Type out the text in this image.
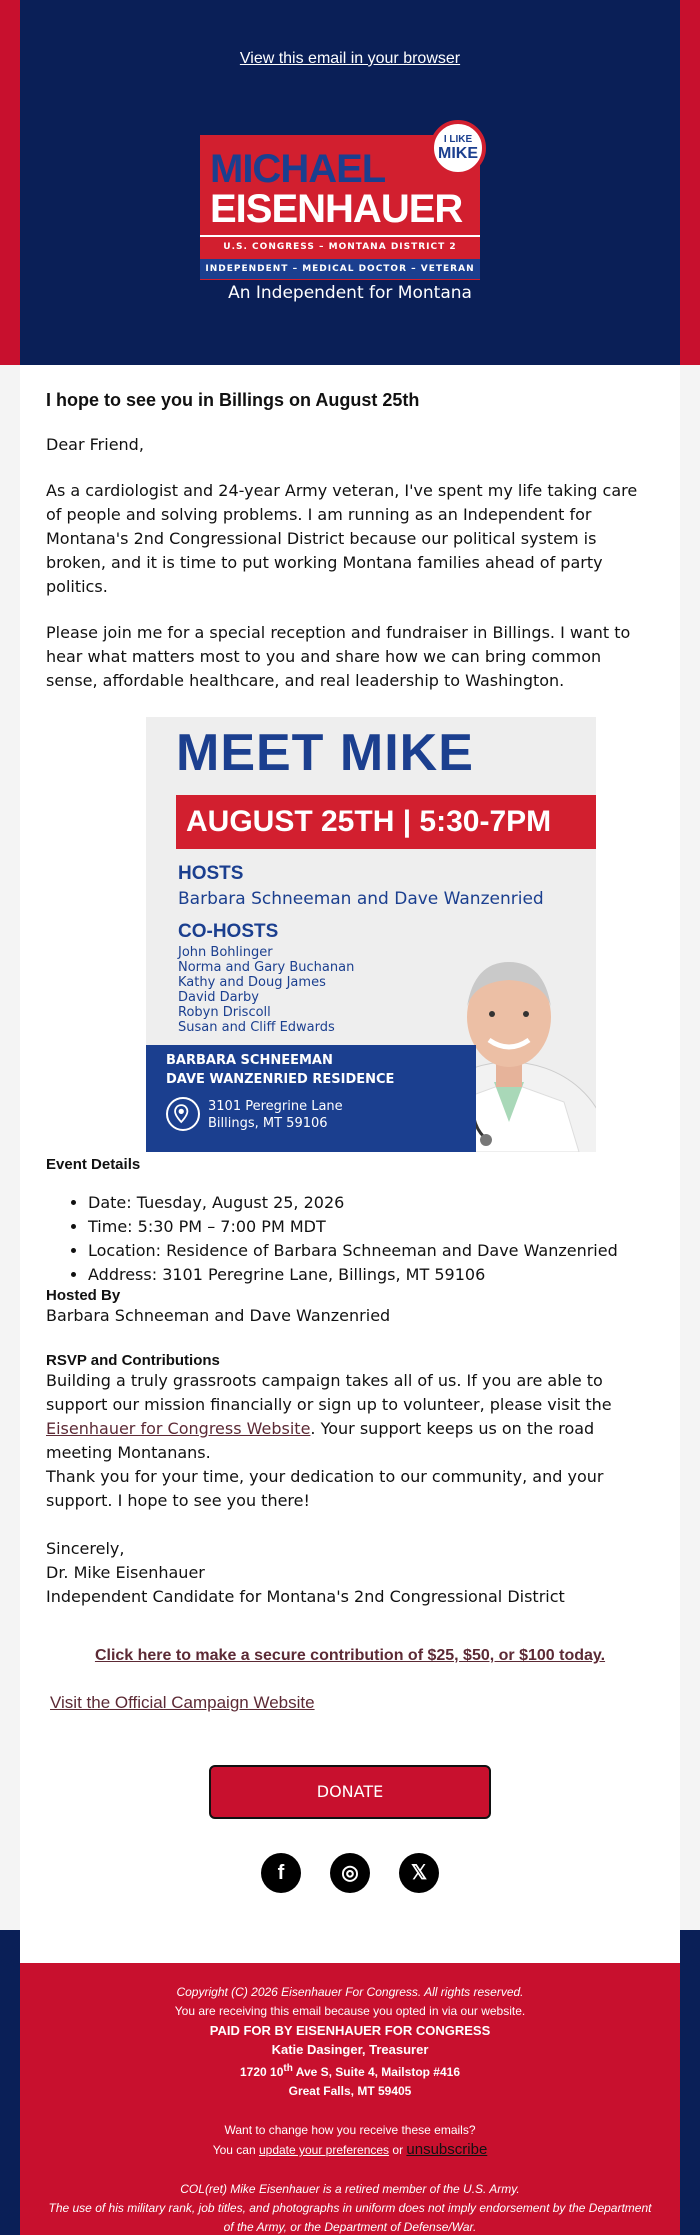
View this email in your browser
MICHAEL
EISENHAUER
U.S. CONGRESS – MONTANA DISTRICT 2
INDEPENDENT – MEDICAL DOCTOR – VETERAN
I LIKE
MIKE
An Independent for Montana
I hope to see you in Billings on August 25th

Dear Friend,

As a cardiologist and 24-year Army veteran, I've spent my life taking care of people and solving problems. I am running as an Independent for Montana's 2nd Congressional District because our political system is broken, and it is time to put working Montana families ahead of party politics.

Please join me for a special reception and fundraiser in Billings. I want to hear what matters most to you and share how we can bring common sense, affordable healthcare, and real leadership to Washington.

MEET MIKE
AUGUST 25TH | 5:30-7PM
HOSTS
Barbara Schneeman and Dave Wanzenried
CO-HOSTS
John Bohlinger
Norma and Gary Buchanan
Kathy and Doug James
David Darby
Robyn Driscoll
Susan and Cliff Edwards
BARBARA SCHNEEMAN
DAVE WANZENRIED RESIDENCE
3101 Peregrine Lane
Billings, MT 59106
Event Details
• Date: Tuesday, August 25, 2026
• Time: 5:30 PM – 7:00 PM MDT
• Location: Residence of Barbara Schneeman and Dave Wanzenried
• Address: 3101 Peregrine Lane, Billings, MT 59106
Hosted By

Barbara Schneeman and Dave Wanzenried

RSVP and Contributions

Building a truly grassroots campaign takes all of us. If you are able to support our mission financially or sign up to volunteer, please visit the Eisenhauer for Congress Website. Your support keeps us on the road meeting Montanans.

Thank you for your time, your dedication to our community, and your support. I hope to see you there!

Sincerely,

Dr. Mike Eisenhauer

Independent Candidate for Montana's 2nd Congressional District

Click here to make a secure contribution of $25, $50, or $100 today.
Visit the Official Campaign Website
DONATE
f	◎	𝕏
Copyright (C) 2026 Eisenhauer For Congress. All rights reserved.
You are receiving this email because you opted in via our website.
PAID FOR BY EISENHAUER FOR CONGRESS
Katie Dasinger, Treasurer
1720 10th Ave S, Suite 4, Mailstop #416
Great Falls, MT 59405
Want to change how you receive these emails?
You can update your preferences or unsubscribe
COL(ret) Mike Eisenhauer is a retired member of the U.S. Army.
The use of his military rank, job titles, and photographs in uniform does not imply endorsement by the Department
of the Army, or the Department of Defense/War.
